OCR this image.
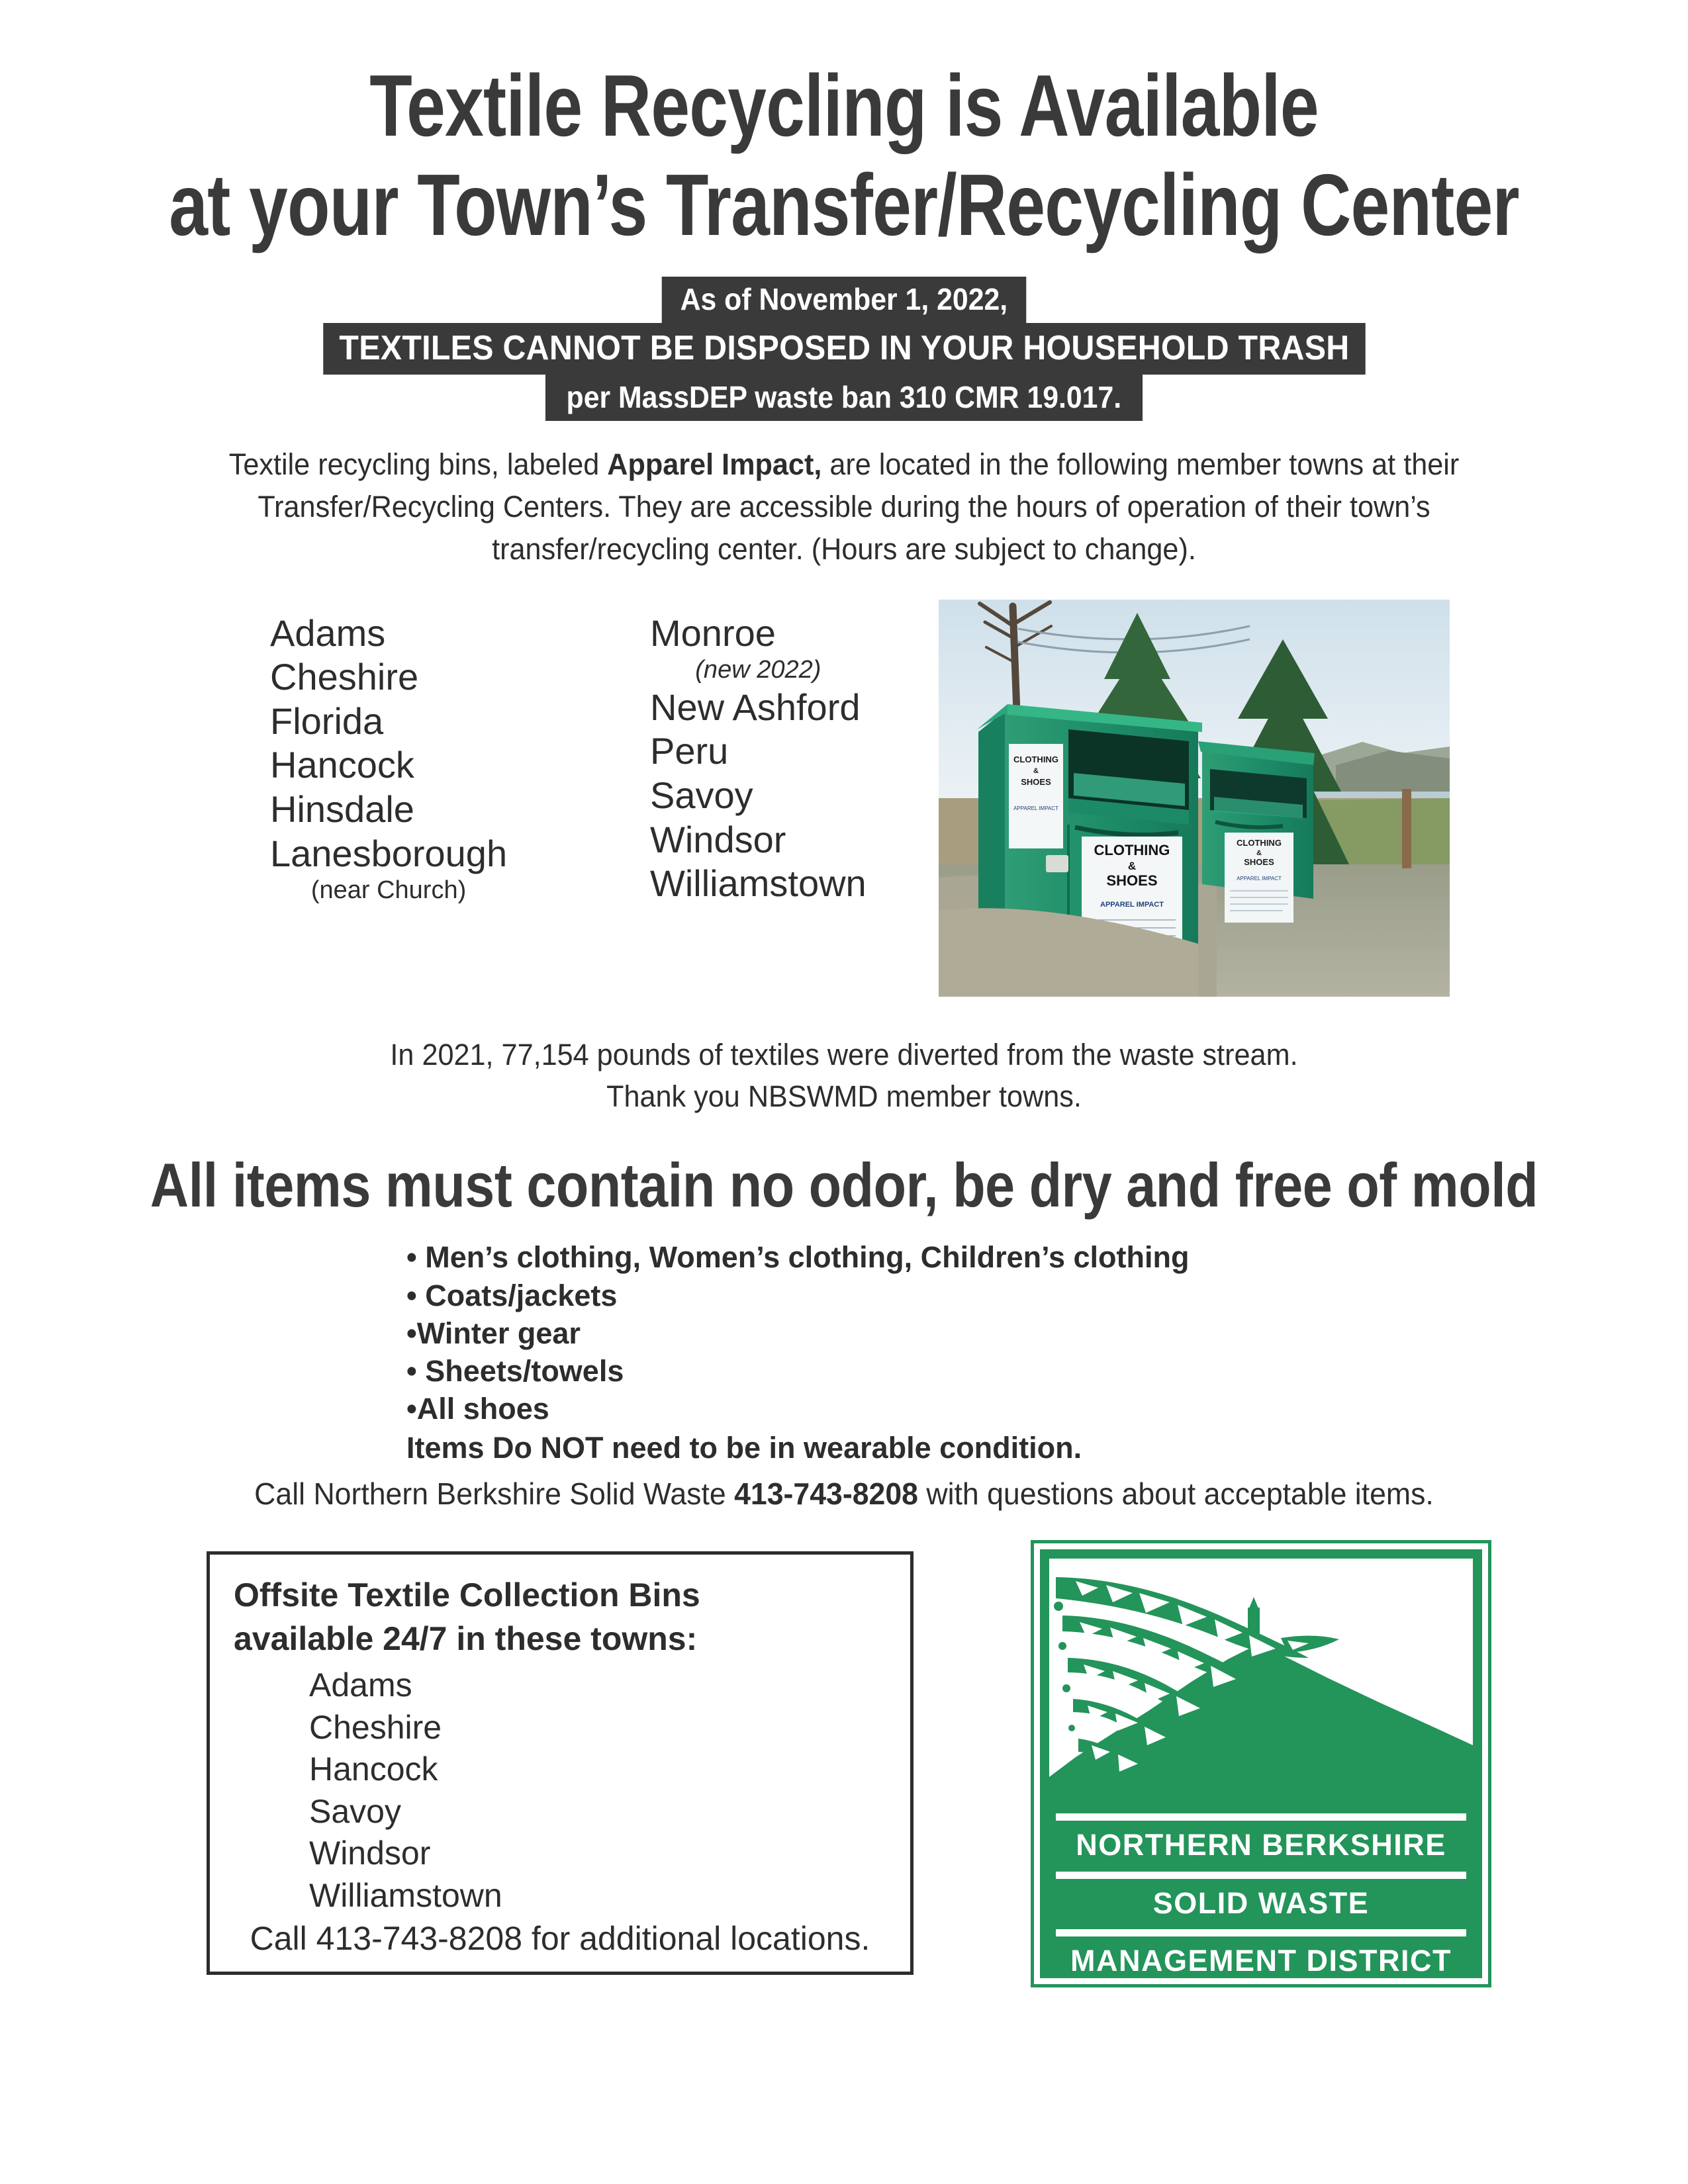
Textile Recycling is Available
at your Town’s Transfer/Recycling Center
As of November 1, 2022,
TEXTILES CANNOT BE DISPOSED IN YOUR HOUSEHOLD TRASH
per MassDEP waste ban 310 CMR 19.017.
Textile recycling bins, labeled Apparel Impact, are located in the following member towns at their Transfer/Recycling Centers. They are accessible during the hours of operation of their town’s transfer/recycling center. (Hours are subject to change).
Adams
Cheshire
Florida
Hancock
Hinsdale
Lanesborough
(near Church)
Monroe
(new 2022)
New Ashford
Peru
Savoy
Windsor
Williamstown
CLOTHING
&
SHOES
APPAREL IMPACT
CLOTHING
&
SHOES
APPAREL IMPACT
CLOTHING
&
SHOES
APPAREL IMPACT
In 2021, 77,154 pounds of textiles were diverted from the waste stream.
Thank you NBSWMD member towns.
All items must contain no odor, be dry and free of mold
• Men’s clothing, Women’s clothing, Children’s clothing
• Coats/jackets
•Winter gear
• Sheets/towels
•All shoes
Items Do NOT need to be in wearable condition.
Call Northern Berkshire Solid Waste 413-743-8208 with questions about acceptable items.
Offsite Textile Collection Bins
available 24/7 in these towns:
Adams
Cheshire
Hancock
Savoy
Windsor
Williamstown
Call 413-743-8208 for additional locations.
NORTHERN BERKSHIRE
SOLID WASTE
MANAGEMENT DISTRICT
